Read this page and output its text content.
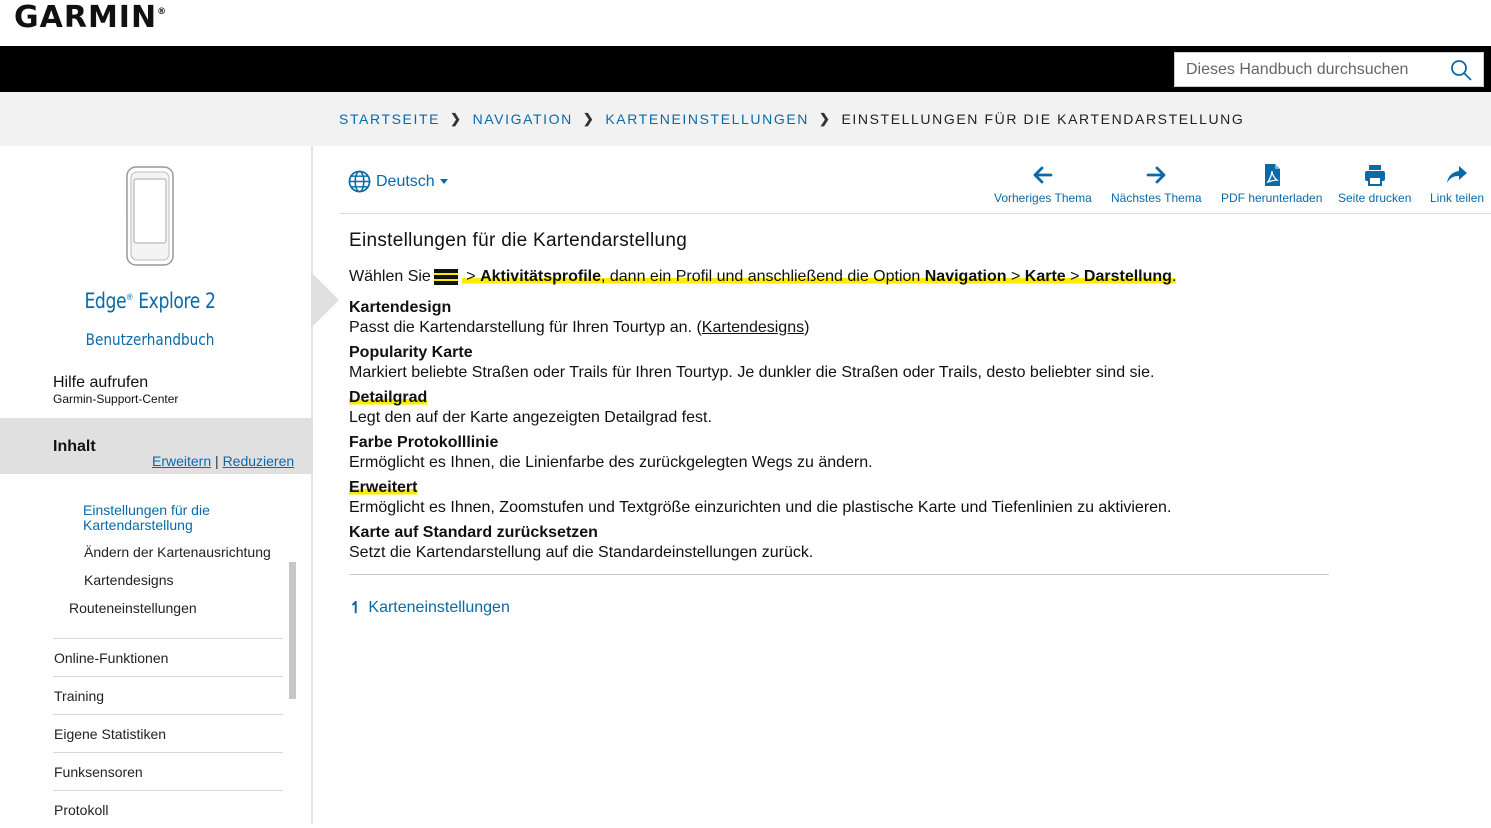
GARMIN®
Dieses Handbuch durchsuchen
STARTSEITE ❯ NAVIGATION ❯ KARTENEINSTELLUNGEN ❯ EINSTELLUNGEN FÜR DIE KARTENDARSTELLUNG
Edge® Explore 2
Benutzerhandbuch
Hilfe aufrufen
Garmin-Support-Center
Inhalt
Erweitern | Reduzieren
Einstellungen für die Kartendarstellung
Ändern der Kartenausrichtung
Kartendesigns
Routeneinstellungen
Online-Funktionen
Training
Eigene Statistiken
Funksensoren
Protokoll
Deutsch
Vorheriges Thema Nächstes Thema PDF herunterladen Seite drucken Link teilen
Einstellungen für die Kartendarstellung
Wählen Sie > Aktivitätsprofile, dann ein Profil und anschließend die Option Navigation > Karte > Darstellung.
Kartendesign
Passt die Kartendarstellung für Ihren Tourtyp an. (Kartendesigns)
Popularity Karte
Markiert beliebte Straßen oder Trails für Ihren Tourtyp. Je dunkler die Straßen oder Trails, desto beliebter sind sie.
Detailgrad
Legt den auf der Karte angezeigten Detailgrad fest.
Farbe Protokolllinie
Ermöglicht es Ihnen, die Linienfarbe des zurückgelegten Wegs zu ändern.
Erweitert
Ermöglicht es Ihnen, Zoomstufen und Textgröße einzurichten und die plastische Karte und Tiefenlinien zu aktivieren.
Karte auf Standard zurücksetzen
Setzt die Kartendarstellung auf die Standardeinstellungen zurück.
↿ Karteneinstellungen
